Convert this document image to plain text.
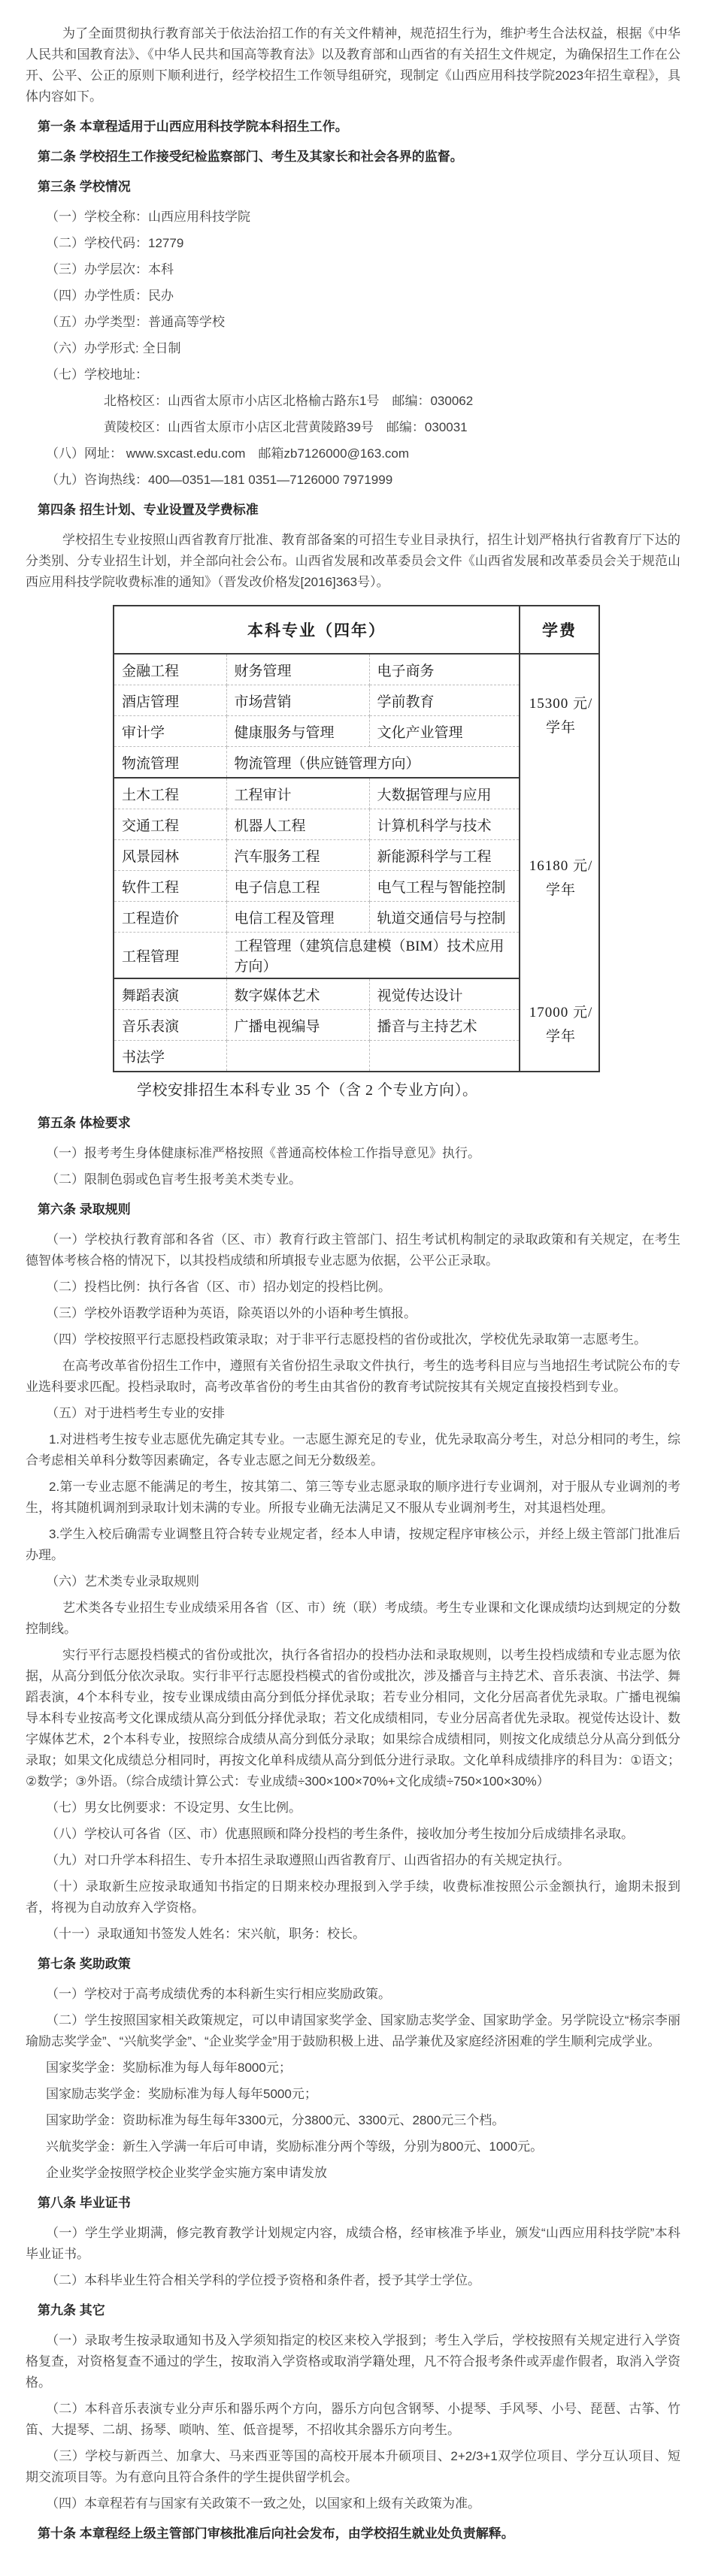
为了全面贯彻执行教育部关于依法治招工作的有关文件精神，规范招生行为，维护考生合法权益，根据《中华人民共和国教育法》、《中华人民共和国高等教育法》以及教育部和山西省的有关招生文件规定，为确保招生工作在公开、公平、公正的原则下顺利进行，经学校招生工作领导组研究，现制定《山西应用科技学院2023年招生章程》，具体内容如下。

第一条 本章程适用于山西应用科技学院本科招生工作。

第二条 学校招生工作接受纪检监察部门、考生及其家长和社会各界的监督。

第三条 学校情况

（一）学校全称：山西应用科技学院

（二）学校代码：12779

（三）办学层次：本科

（四）办学性质：民办

（五）办学类型：普通高等学校

（六）办学形式: 全日制

（七）学校地址：

北格校区：山西省太原市小店区北格榆古路东1号　邮编：030062

黄陵校区：山西省太原市小店区北营黄陵路39号　邮编：030031

（八）网址： www.sxcast.edu.com　邮箱zb7126000@163.com

（九）咨询热线：400—0351—181 0351—7126000 7971999

第四条 招生计划、专业设置及学费标准

学校招生专业按照山西省教育厅批准、教育部备案的可招生专业目录执行，招生计划严格执行省教育厅下达的分类别、分专业招生计划，并全部向社会公布。山西省发展和改革委员会文件《山西省发展和改革委员会关于规范山西应用科技学院收费标准的通知》（晋发改价格发[2016]363号）。

本科专业（四年）			学费
金融工程	财务管理	电子商务	15300 元/学年
酒店管理	市场营销	学前教育	
审计学	健康服务与管理	文化产业管理	
物流管理	物流管理（供应链管理方向）		
土木工程	工程审计	大数据管理与应用	16180 元/学年
交通工程	机器人工程	计算机科学与技术	
风景园林	汽车服务工程	新能源科学与工程	
软件工程	电子信息工程	电气工程与智能控制	
工程造价	电信工程及管理	轨道交通信号与控制	
工程管理	工程管理（建筑信息建模（BIM）技术应用方向）		
舞蹈表演	数字媒体艺术	视觉传达设计	17000 元/学年
音乐表演	广播电视编导	播音与主持艺术	
书法学			

学校安排招生本科专业 35 个（含 2 个专业方向）。

第五条 体检要求

（一）报考考生身体健康标准严格按照《普通高校体检工作指导意见》执行。

（二）限制色弱或色盲考生报考美术类专业。

第六条 录取规则

（一）学校执行教育部和各省（区、市）教育行政主管部门、招生考试机构制定的录取政策和有关规定，在考生德智体考核合格的情况下，以其投档成绩和所填报专业志愿为依据，公平公正录取。

（二）投档比例：执行各省（区、市）招办划定的投档比例。

（三）学校外语教学语种为英语，除英语以外的小语种考生慎报。

（四）学校按照平行志愿投档政策录取；对于非平行志愿投档的省份或批次，学校优先录取第一志愿考生。

在高考改革省份招生工作中，遵照有关省份招生录取文件执行，考生的选考科目应与当地招生考试院公布的专业选科要求匹配。投档录取时，高考改革省份的考生由其省份的教育考试院按其有关规定直接投档到专业。

（五）对于进档考生专业的安排

1.对进档考生按专业志愿优先确定其专业。一志愿生源充足的专业，优先录取高分考生，对总分相同的考生，综合考虑相关单科分数等因素确定，各专业志愿之间无分数级差。

2.第一专业志愿不能满足的考生，按其第二、第三等专业志愿录取的顺序进行专业调剂，对于服从专业调剂的考生，将其随机调剂到录取计划未满的专业。所报专业确无法满足又不服从专业调剂考生，对其退档处理。

3.学生入校后确需专业调整且符合转专业规定者，经本人申请，按规定程序审核公示，并经上级主管部门批准后办理。

（六）艺术类专业录取规则

艺术类各专业招生专业成绩采用各省（区、市）统（联）考成绩。考生专业课和文化课成绩均达到规定的分数控制线。

实行平行志愿投档模式的省份或批次，执行各省招办的投档办法和录取规则，以考生投档成绩和专业志愿为依据，从高分到低分依次录取。实行非平行志愿投档模式的省份或批次，涉及播音与主持艺术、音乐表演、书法学、舞蹈表演，4个本科专业，按专业课成绩由高分到低分择优录取；若专业分相同，文化分居高者优先录取。广播电视编导本科专业按高考文化课成绩从高分到低分择优录取；若文化成绩相同，专业分居高者优先录取。视觉传达设计、数字媒体艺术，2个本科专业，按照综合成绩从高分到低分录取；如果综合成绩相同，则按文化成绩总分从高分到低分录取；如果文化成绩总分相同时，再按文化单科成绩从高分到低分进行录取。文化单科成绩排序的科目为：①语文；②数学；③外语。（综合成绩计算公式：专业成绩÷300×100×70%+文化成绩÷750×100×30%）

（七）男女比例要求：不设定男、女生比例。

（八）学校认可各省（区、市）优惠照顾和降分投档的考生条件，接收加分考生按加分后成绩排名录取。

（九）对口升学本科招生、专升本招生录取遵照山西省教育厅、山西省招办的有关规定执行。

（十）录取新生应按录取通知书指定的日期来校办理报到入学手续，收费标准按照公示金额执行，逾期未报到者，将视为自动放弃入学资格。

（十一）录取通知书签发人姓名：宋兴航，职务：校长。

第七条 奖助政策

（一）学校对于高考成绩优秀的本科新生实行相应奖励政策。

（二）学生按照国家相关政策规定，可以申请国家奖学金、国家励志奖学金、国家助学金。另学院设立“杨宗李丽瑜励志奖学金”、“兴航奖学金”、“企业奖学金”用于鼓励积极上进、品学兼优及家庭经济困难的学生顺利完成学业。

国家奖学金：奖励标准为每人每年8000元；

国家励志奖学金：奖励标准为每人每年5000元；

国家助学金：资助标准为每生每年3300元，分3800元、3300元、2800元三个档。

兴航奖学金：新生入学满一年后可申请，奖励标准分两个等级，分别为800元、1000元。

企业奖学金按照学校企业奖学金实施方案申请发放

第八条 毕业证书

（一）学生学业期满，修完教育教学计划规定内容，成绩合格，经审核准予毕业，颁发“山西应用科技学院”本科毕业证书。

（二）本科毕业生符合相关学科的学位授予资格和条件者，授予其学士学位。

第九条 其它

（一）录取考生按录取通知书及入学须知指定的校区来校入学报到；考生入学后，学校按照有关规定进行入学资格复查，对资格复查不通过的学生，按取消入学资格或取消学籍处理，凡不符合报考条件或弄虚作假者，取消入学资格。

（二）本科音乐表演专业分声乐和器乐两个方向，器乐方向包含钢琴、小提琴、手风琴、小号、琵琶、古筝、竹笛、大提琴、二胡、扬琴、唢呐、笙、低音提琴，不招收其余器乐方向考生。

（三）学校与新西兰、加拿大、马来西亚等国的高校开展本升硕项目、2+2/3+1双学位项目、学分互认项目、短期交流项目等。为有意向且符合条件的学生提供留学机会。

（四）本章程若有与国家有关政策不一致之处，以国家和上级有关政策为准。

第十条 本章程经上级主管部门审核批准后向社会发布，由学校招生就业处负责解释。
